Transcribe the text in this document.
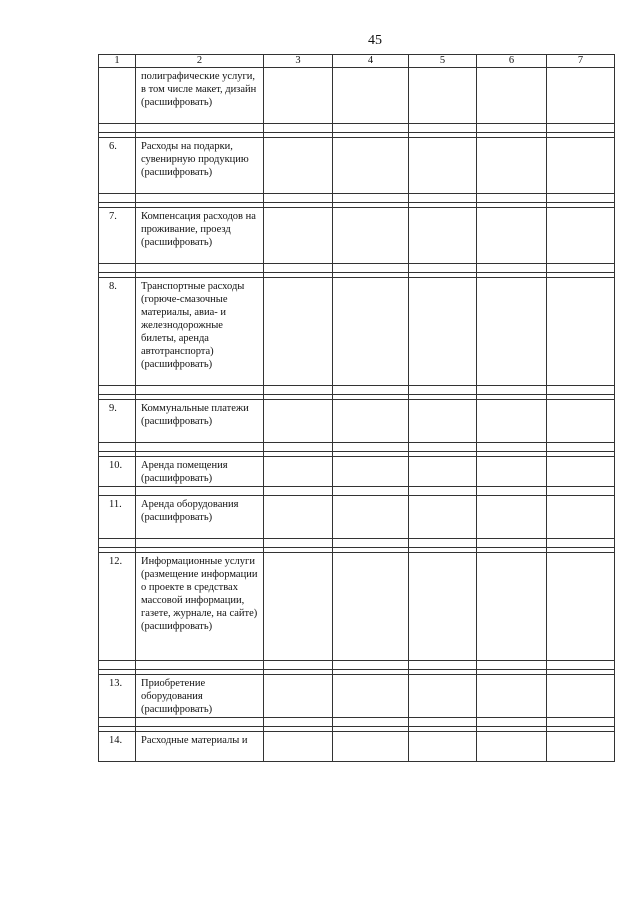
45
1	2	3	4	5	6	7
	полиграфические услуги, в том числе макет, дизайн (расшифровать)					

6.	Расходы на подарки, сувенирную продукцию (расшифровать)					

7.	Компенсация расходов на проживание, проезд (расшифровать)					

8.	Транспортные расходы (горюче-смазочные материалы, авиа- и железнодорожные билеты, аренда автотранспорта) (расшифровать)					

9.	Коммунальные платежи (расшифровать)					

10.	Аренда помещения (расшифровать)					

11.	Аренда оборудования (расшифровать)					

12.	Информационные услуги (размещение информации о проекте в средствах массовой информации, газете, журнале, на сайте) (расшифровать)					

13.	Приобретение оборудования (расшифровать)					

14.	Расходные материалы и					
